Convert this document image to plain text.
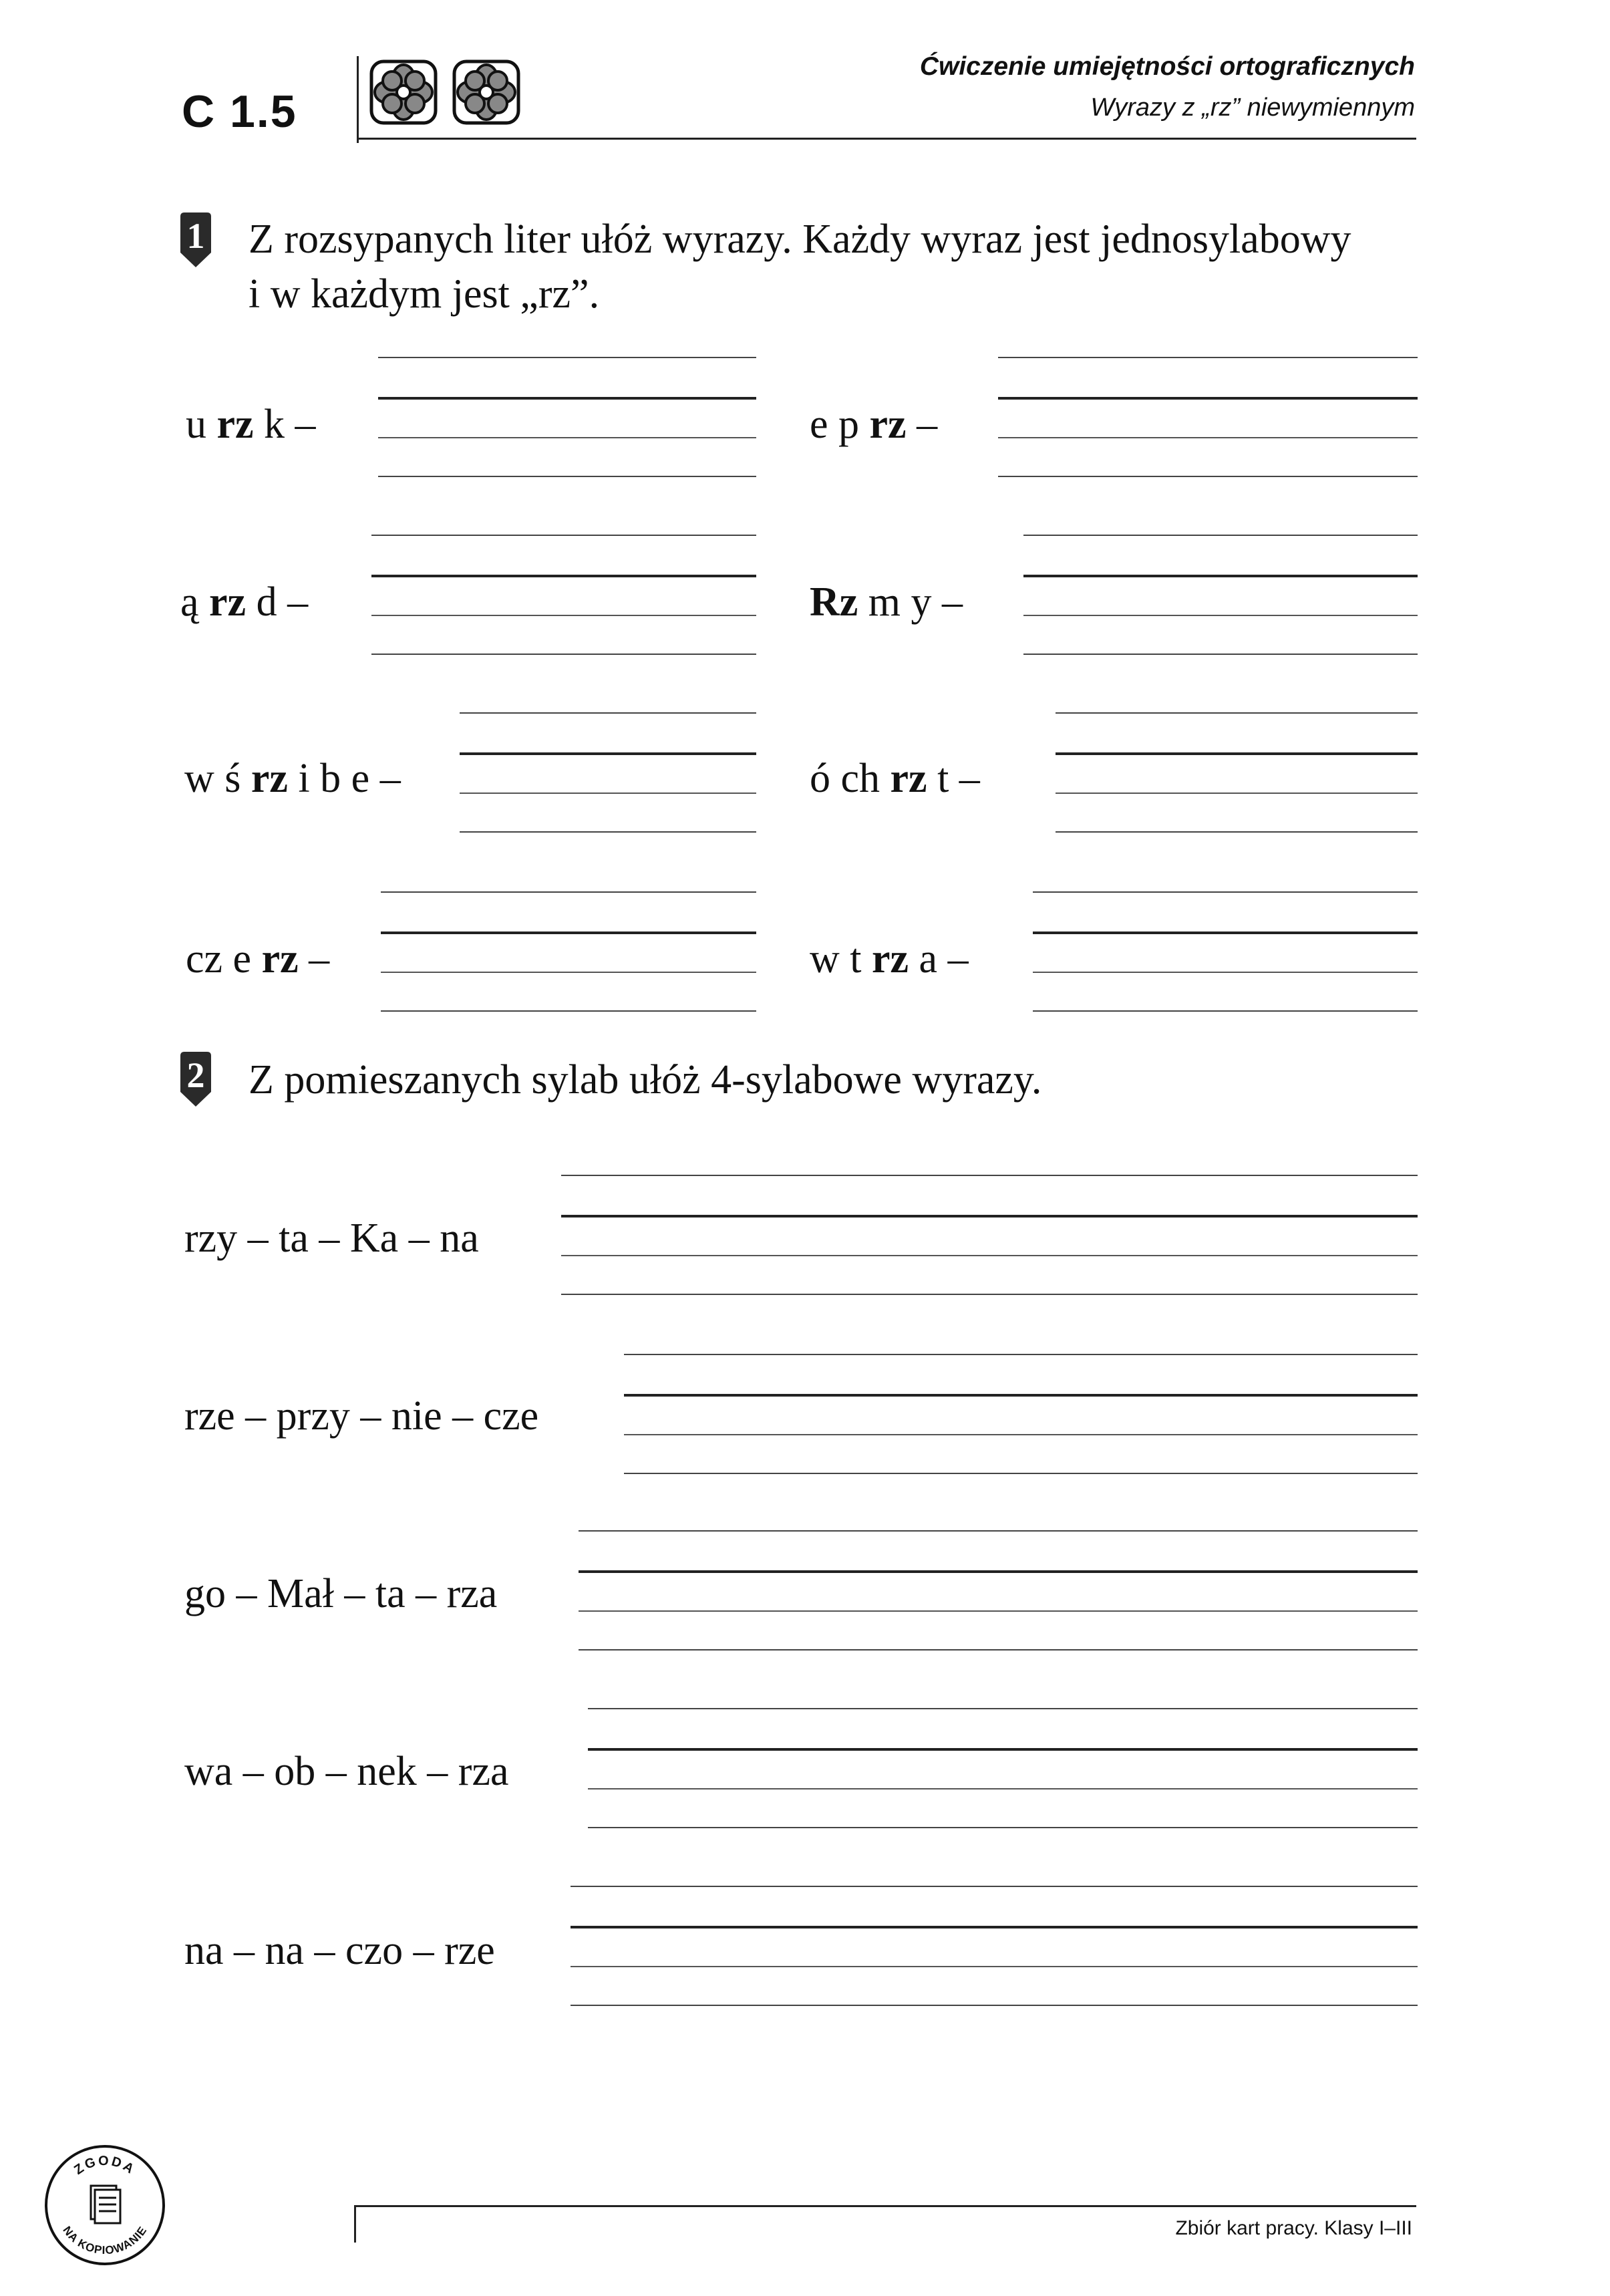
C 1.5
Ćwiczenie umiejętności ortograficznych
Wyrazy z „rz” niewymiennym
1 Z rozsypanych liter ułóż wyrazy. Każdy wyraz jest jednosylabowy
i w każdym jest „rz”.
u rz k –	e p rz –
ą rz d –	Rz m y –
w ś rz i b e –	ó ch rz t –
cz e rz –	w t rz a –
2 Z pomieszanych sylab ułóż 4-sylabowe wyrazy.
rzy – ta – Ka – na
rze – przy – nie – cze
go – Mał – ta – rza
wa – ob – nek – rza
na – na – czo – rze
Zbiór kart pracy. Klasy I–III
ZGODA
NA KOPIOWANIE
